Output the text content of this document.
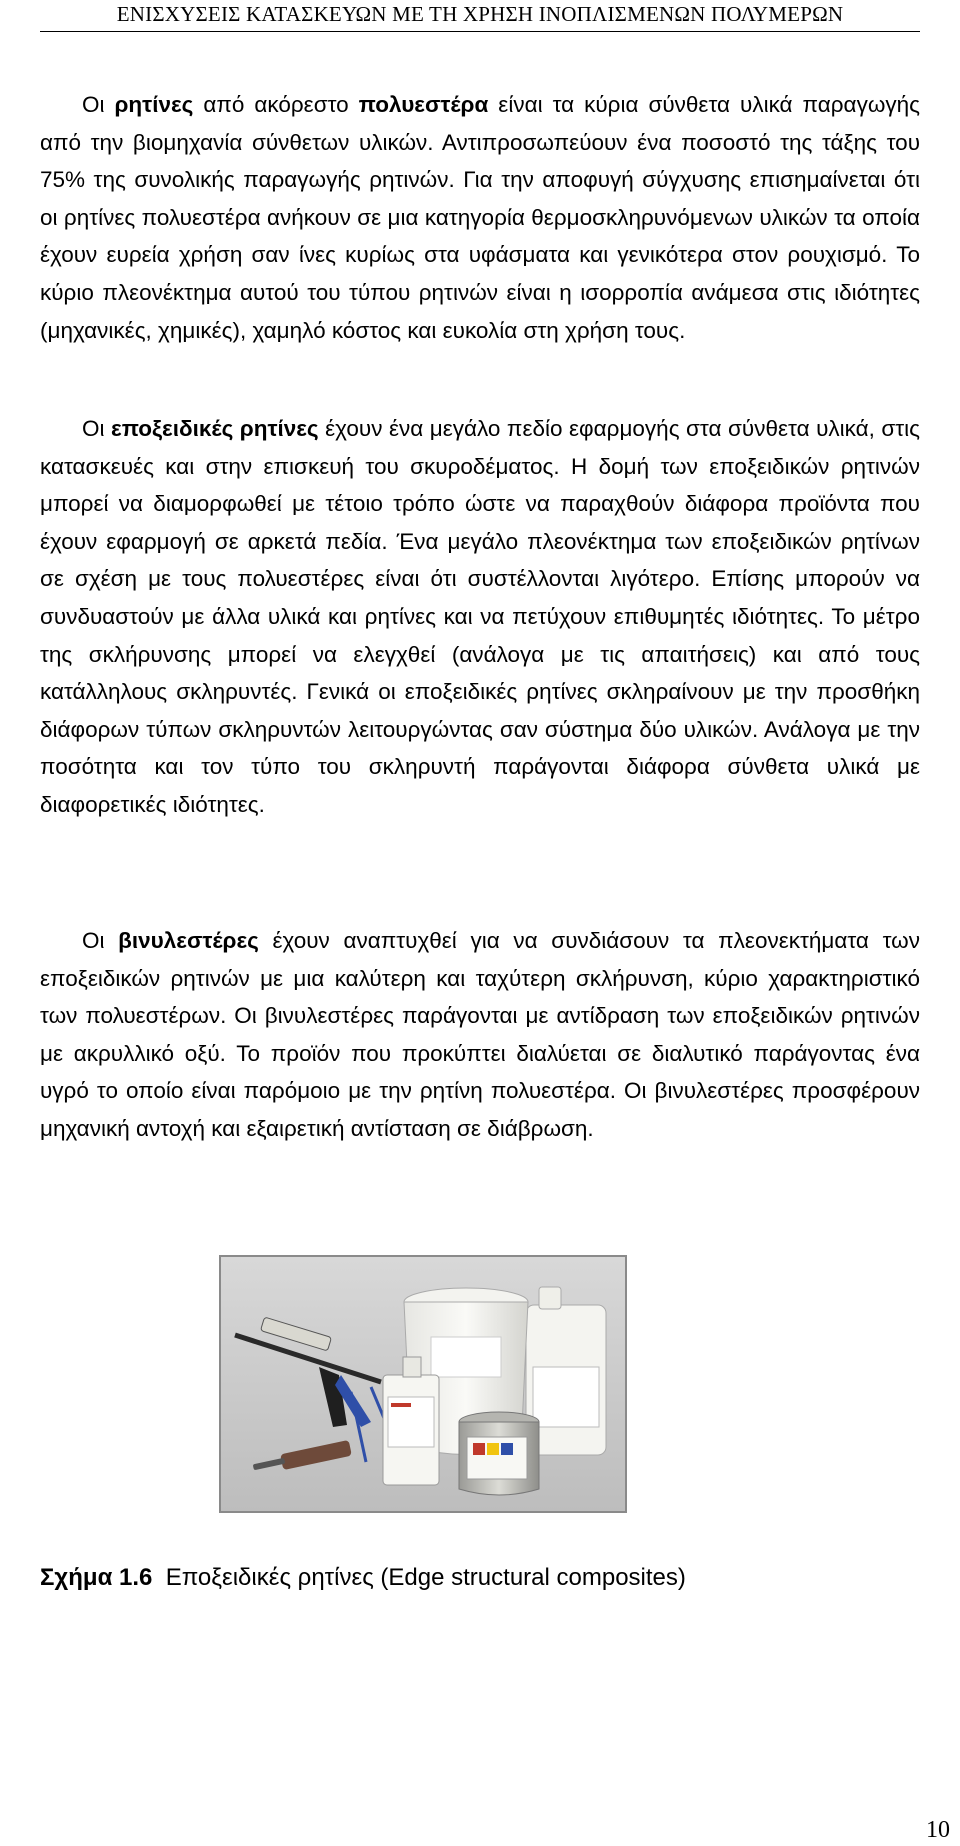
ΕΝΙΣΧΥΣΕΙΣ ΚΑΤΑΣΚΕΥΩΝ ΜΕ ΤΗ ΧΡΗΣΗ ΙΝΟΠΛΙΣΜΕΝΩΝ ΠΟΛΥΜΕΡΩΝ

Οι ρητίνες από ακόρεστο πολυεστέρα είναι τα κύρια σύνθετα υλικά παραγωγής από την βιομηχανία σύνθετων υλικών. Αντιπροσωπεύουν ένα ποσοστό της τάξης του 75% της συνολικής παραγωγής ρητινών. Για την αποφυγή σύγχυσης επισημαίνεται ότι οι ρητίνες πολυεστέρα ανήκουν σε μια κατηγορία θερμοσκληρυνόμενων υλικών τα οποία έχουν ευρεία χρήση σαν ίνες κυρίως στα υφάσματα και γενικότερα στον ρουχισμό. Το κύριο πλεονέκτημα αυτού του τύπου ρητινών είναι η ισορροπία ανάμεσα στις ιδιότητες (μηχανικές, χημικές), χαμηλό κόστος και ευκολία στη χρήση τους.

Οι εποξειδικές ρητίνες έχουν ένα μεγάλο πεδίο εφαρμογής στα σύνθετα υλικά, στις κατασκευές και στην επισκευή του σκυροδέματος. Η δομή των εποξειδικών ρητινών μπορεί να διαμορφωθεί με τέτοιο τρόπο ώστε να παραχθούν διάφορα προϊόντα που έχουν εφαρμογή σε αρκετά πεδία. Ένα μεγάλο πλεονέκτημα των εποξειδικών ρητίνων σε σχέση με τους πολυεστέρες είναι ότι συστέλλονται λιγότερο. Επίσης μπορούν να συνδυαστούν με άλλα υλικά και ρητίνες και να πετύχουν επιθυμητές ιδιότητες. Το μέτρο της σκλήρυνσης μπορεί να ελεγχθεί (ανάλογα με τις απαιτήσεις) και από τους κατάλληλους σκληρυντές. Γενικά οι εποξειδικές ρητίνες σκληραίνουν με την προσθήκη διάφορων τύπων σκληρυντών λειτουργώντας σαν σύστημα δύο υλικών. Ανάλογα με την ποσότητα και τον τύπο του σκληρυντή παράγονται διάφορα σύνθετα υλικά με διαφορετικές ιδιότητες.

Οι βινυλεστέρες έχουν αναπτυχθεί για να συνδιάσουν τα πλεονεκτήματα των εποξειδικών ρητινών με μια καλύτερη και ταχύτερη σκλήρυνση, κύριο χαρακτηριστικό των πολυεστέρων. Οι βινυλεστέρες παράγονται με αντίδραση των εποξειδικών ρητινών με ακρυλλικό οξύ. Το προϊόν που προκύπτει διαλύεται σε διαλυτικό παράγοντας ένα υγρό το οποίο είναι παρόμοιο με την ρητίνη πολυεστέρα. Οι βινυλεστέρες προσφέρουν μηχανική αντοχή και εξαιρετική αντίσταση σε διάβρωση.

Σχήμα 1.6 Εποξειδικές ρητίνες (Edge structural composites)
10
